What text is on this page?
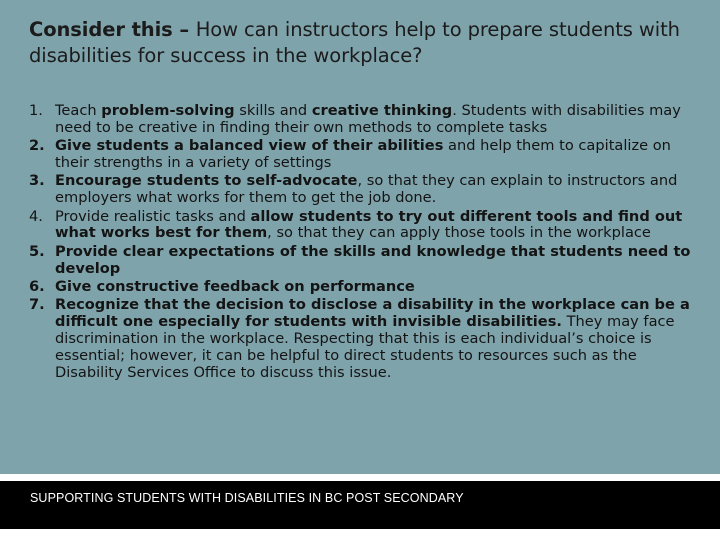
Consider this – How can instructors help to prepare students with disabilities for success in the workplace?
1. Teach problem-solving skills and creative thinking. Students with disabilities may need to be creative in finding their own methods to complete tasks
2. Give students a balanced view of their abilities and help them to capitalize on their strengths in a variety of settings
3. Encourage students to self-advocate, so that they can explain to instructors and employers what works for them to get the job done.
4. Provide realistic tasks and allow students to try out different tools and find out what works best for them, so that they can apply those tools in the workplace
5. Provide clear expectations of the skills and knowledge that students need to develop
6. Give constructive feedback on performance
7. Recognize that the decision to disclose a disability in the workplace can be a difficult one especially for students with invisible disabilities. They may face discrimination in the workplace. Respecting that this is each individual’s choice is essential; however, it can be helpful to direct students to resources such as the Disability Services Office to discuss this issue.
SUPPORTING STUDENTS WITH DISABILITIES IN BC POST SECONDARY
